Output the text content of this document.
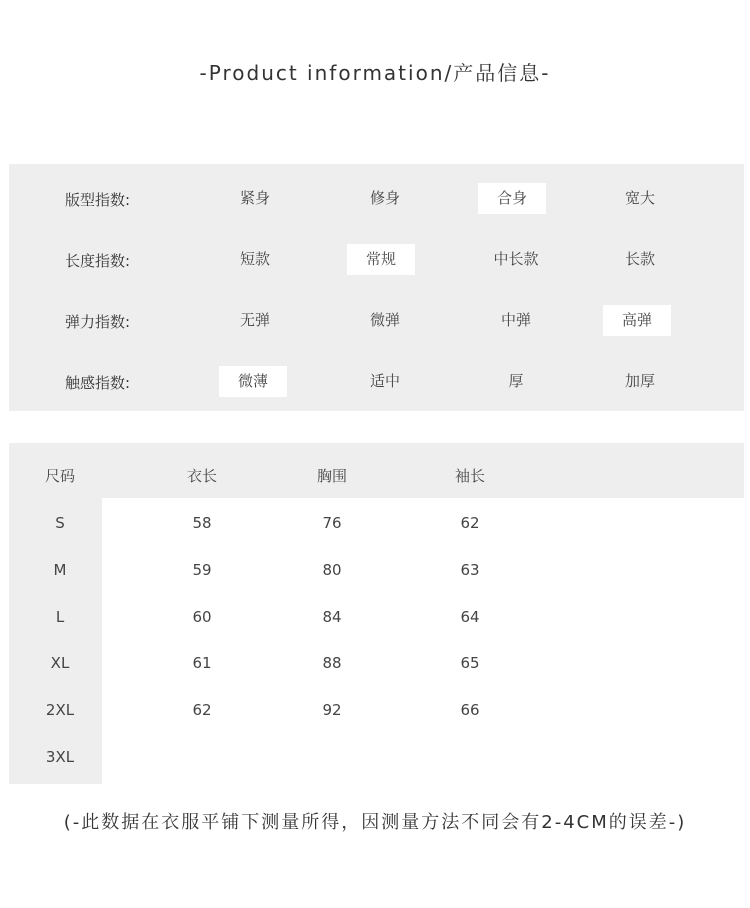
-Product information/产品信息-
版型指数:	紧身	修身	合身	宽大
长度指数:	短款	常规	中长款	长款
弹力指数:	无弹	微弹	中弹	高弹
触感指数:	微薄	适中	厚	加厚
尺码	衣长	胸围	袖长
S	58	76	62
M	59	80	63
L	60	84	64
XL	61	88	65
2XL	62	92	66
3XL
(-此数据在衣服平铺下测量所得，因测量方法不同会有2-4CM的误差-)
